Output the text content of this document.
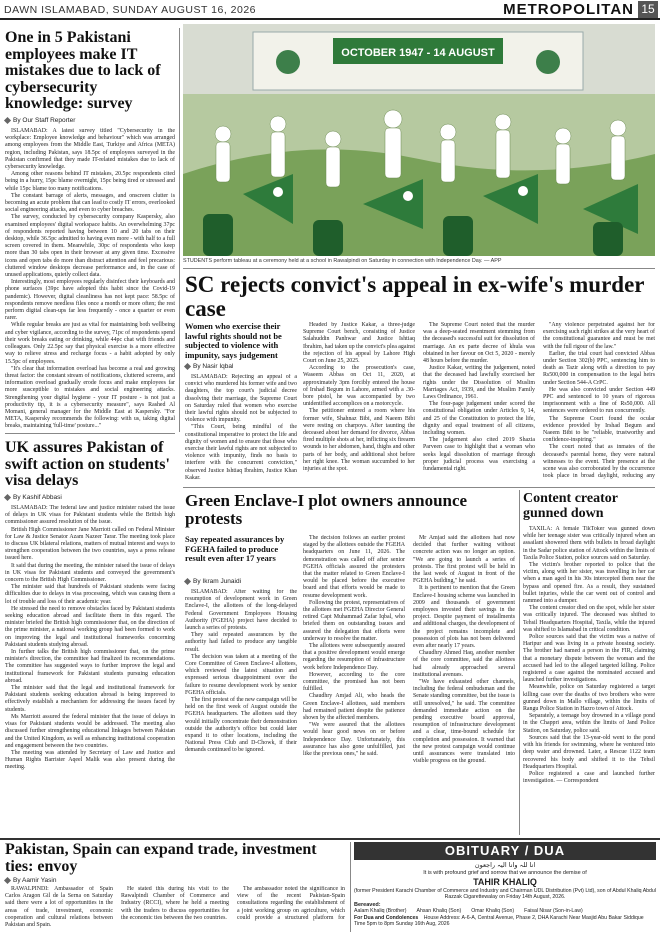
DAWN ISLAMABAD, SUNDAY AUGUST 16, 2026	METROPOLITAN 15
One in 5 Pakistani employees make IT mistakes due to lack of cybersecurity knowledge: survey
By Our Staff Reporter

ISLAMABAD: A latest survey titled "Cybersecurity in the workplace: Employee knowledge and behaviour" which was arranged among employees from the Middle East, Turkiye and Africa (META) region, including Pakistan, says 18.5pc of employees surveyed in the Pakistan confirmed that they made IT-related mistakes due to lack of cybersecurity knowledge.

Among other reasons behind IT mistakes, 20.5pc respondents cited being in a hurry, 15pc blame overnight, 15pc being tired or stressed and while 15pc blame too many notifications.

The constant barrage of alerts, messages, and onscreen clutter is becoming an acute problem that can lead to costly IT errors, overlooked social engineering attacks, and even to cyber breaches.

The survey, conducted by cybersecurity company Kaspersky, also examined employees' digital workspace habits. An overwhelming 37pc of respondents reported having between 10 and 20 tabs on their desktop, while 36.5pc admitted to having even more - with half to a full screen covered in them. Meanwhile, 30pc of respondents who keep more than 30 tabs open in their browser at any given time. Excessive icons and open tabs do more than distract attention and feel precarious: cluttered window desktops decrease performance and, in the case of unused applications, quietly collect data.

Interestingly, most employees regularly disinfect their keyboards and phone surfaces (39pc have adopted this habit since the Covid-19 pandemic). However, digital cleanliness has not kept pace: 58.5pc of respondents remove needless files once a month or more often; the rest perform digital clean-ups far less frequently - once a quarter or even rarer.

While regular breaks are just as vital for maintaining both wellbeing and cyber vigilance, according to the survey, 71pc of respondents spend their work breaks eating or drinking, while 44pc chat with friends and colleagues. Only 22.5pc say that physical exercise is a more effective way to relieve stress and recharge focus - a habit adopted by only 15.5pc of employees.

"It's clear that information overload has become a real and growing threat factor: the constant stream of notifications, cluttered screens, and information overload gradually erode focus and make employees far more susceptible to mistakes and social engineering attacks. Strengthening your digital hygiene - your IT posture - is not just a productivity tip, it is a cybersecurity measure", says Rashed Al Momani, general manager for the Middle East at Kaspersky. "For META, Kaspersky recommends the following: with us, taking digital breaks, maintaining 'full-time' posture..."

UK assures Pakistan of swift action on students' visa delays
By Kashif Abbasi

ISLAMABAD: The federal law and justice minister raised the issue of delays in UK visas for Pakistani students while the British high commissioner assured resolution of the issue.

British High Commissioner Jane Marriott called on Federal Minister for Law & Justice Senator Azam Nazeer Tarar. The meeting took place to discuss UK bilateral relations, matters of mutual interest and ways to strengthen cooperation between the two countries, says a press release issued here.

It said that during the meeting, the minister raised the issue of delays in UK visas for Pakistani students and conveyed the government's concern to the British High Commissioner.

The minister said that hundreds of Pakistani students were facing difficulties due to delays in visa processing, which was causing them a lot of trouble and loss of their academic year.

He stressed the need to remove obstacles faced by Pakistani students seeking education abroad and facilitate them in this regard. The minister briefed the British high commissioner that, on the direction of the prime minister, a national working group had been formed to work on improving the legal and institutional frameworks concerning Pakistani students studying abroad.

In further talks the British high commissioner that, on the prime minister's direction, the committee had finalized its recommendations. The committee has suggested ways to further improve the legal and institutional framework for Pakistani students pursuing education abroad.

The minister said that the legal and institutional framework for Pakistani students seeking education abroad is being improved to effectively establish a mechanism for addressing the issues faced by students.

Ms Marriott assured the federal minister that the issue of delays in visas for Pakistani students would be addressed. The meeting also discussed further strengthening educational linkages between Pakistan and the United Kingdom, as well as enhancing institutional cooperation and engagement between the two countries.

The meeting was attended by Secretary of Law and Justice and Human Rights Barrister Aqeel Malik was also present during the meeting.

OCTOBER 1947 - 14 AUGUST
STUDENTS perform tableau at a ceremony held at a school in Rawalpindi on Saturday in connection with Independence Day. — APP
SC rejects convict's appeal in ex-wife's murder case
Women who exercise their lawful rights should not be subjected to violence with impunity, says judgement
By Nasir Iqbal

ISLAMABAD: Rejecting an appeal of a convict who murdered his former wife and two daughters, the top court's judicial decree dissolving their marriage, the Supreme Court on Saturday ruled that women who exercise their lawful rights should not be subjected to violence with impunity.

"This Court, being mindful of the constitutional imperative to protect the life and dignity of women and to ensure that those who exercise their lawful rights are not subjected to violence with impunity, finds no basis to interfere with the concurrent conviction," observed Justice Ishtiaq Ibrahim, Justice Khan Kakar.

Headed by Justice Kakar, a three-judge Supreme Court bench, consisting of Justice Salahuddin Panhwar and Justice Ishtiaq Ibrahim, had taken up the convict's plea against the rejection of his appeal by Lahore High Court on June 25, 2025.

According to the prosecution's case, Waseem Abbas on Oct 11, 2020, at approximately 3pm forcibly entered the house of Irshad Begum in Lahore, armed with a .30-bore pistol, he was accompanied by two unidentified accomplices on a motorcycle.

The petitioner entered a room where his former wife, Shahnaz Bibi, and Naeem Bibi were resting on charpoys. After taunting the deceased about her demand for divorce, Abbas fired multiple shots at her, inflicting six firearm wounds to her abdomen, hand, thighs and other parts of her body, and additional shot before her right knee. The woman succumbed to her injuries at the spot.

The Supreme Court noted that the murder was a deep-seated resentment stemming from the deceased's successful suit for dissolution of marriage. An ex parte decree of khula was obtained in her favour on Oct 5, 2020 - merely 48 hours before the murder.

Justice Kakar, writing the judgement, noted that the deceased had lawfully exercised her rights under the Dissolution of Muslim Marriages Act, 1939, and the Muslim Family Laws Ordinance, 1961.

The four-page judgement under scored the constitutional obligation under Articles 9, 14, and 25 of the Constitution to protect the life, dignity and equal treatment of all citizens, including women.

The judgement also cited 2019 Shazia Parveen case to highlight that a woman who seeks legal dissolution of marriage through proper judicial process was exercising a fundamental right.

"Any violence perpetrated against her for exercising such right strikes at the very heart of the constitutional guarantee and must be met with the full rigour of the law."

Earlier, the trial court had convicted Abbas under Section 302(b) PPC, sentencing him to death as Tazir along with a direction to pay Rs500,000 in compensation to the legal heirs under Section 544-A CrPC.

He was also convicted under Section 449 PPC and sentenced to 10 years of rigorous imprisonment with a fine of Rs50,000. All sentences were ordered to run concurrently.

The Supreme Court found the ocular evidence provided by Irshad Begum and Naeem Bibi to be "reliable, trustworthy and confidence-inspiring."

The court noted that as inmates of the deceased's parental home, they were natural witnesses to the event. Their presence at the scene was also corroborated by the occurrence took place in broad daylight, reducing any

Green Enclave-I plot owners announce protests
Say repeated assurances by FGEHA failed to produce result even after 17 years
By Ikram Junaidi

ISLAMABAD: After waiting for the resumption of development work in Green Enclave-I, the allottees of the long-delayed Federal Government Employees Housing Authority (FGEHA) project have decided to launch a series of protests.

They said repeated assurances by the authority had failed to produce any tangible result.

The decision was taken at a meeting of the Core Committee of Green Enclave-I allottees, which reviewed the latest situation and expressed serious disappointment over the failure to resume development work by senior FGEHA officials.

The first protest of the new campaign will be held on the first week of August outside the FGEHA headquarters. The allottees said they would initially concentrate their demonstration outside the authority's office but could later expand it to other locations, including the National Press Club and D-Chowk, if their demands continued to be ignored.

The decision follows an earlier protest staged by the allottees outside the FGEHA headquarters on June 11, 2026. The demonstration was called off after senior FGEHA officials assured the protesters that the matter related to Green Enclave-I would be placed before the executive board and that efforts would be made to resume development work.

Following the protest, representatives of the allottees met FGEHA Director General retired Capt Muhammad Zafar Iqbal, who briefed them on outstanding issues and assured the delegation that efforts were underway to resolve the matter.

The allottees were subsequently assured that a positive development would emerge regarding the resumption of infrastructure work before Independence Day.

However, according to the core committee, the promised has not been fulfilled.

Chaudhry Amjad Ali, who heads the Green Enclave-I allottees, said members had remained patient despite the patience shown by the affected members.

"We were assured that the allottees would hear good news on or before Independence Day. Unfortunately, this assurance has also gone unfulfilled, just like the previous ones," he said.

Mr Amjad said the allottees had now decided that further waiting without concrete action was no longer an option. "We are going to launch a series of protests. The first protest will be held in the last week of August in front of the FGEHA building," he said.

It is pertinent to mention that the Green Enclave-I housing scheme was launched in 2009 and thousands of government employees invested their savings in the project. Despite payment of installments and additional charges, the development of the project remains incomplete and possession of plots has not been delivered even after nearly 17 years.

Chaudhry Ahmed Haq, another member of the core committee, said the allottees had already approached several institutional avenues.

"We have exhausted other channels, including the federal ombudsman and the Senate standing committee, but the issue is still unresolved," he said. The committee demanded immediate action on the pending executive board approval, resumption of infrastructure development and a clear, time-bound schedule for completion and possession. It warned that the new protest campaign would continue until assurances were translated into visible progress on the ground.

Content creator gunned down

TAXILA: A female TikToker was gunned down while her teenage sister was critically injured when an assailant showered them with bullets in broad daylight in the Sadar police station of Attock within the limits of Taxila Police Station, police sources said on Saturday.

The victim's brother reported to police that the victim, along with her sister, was travelling in her car when a man aged in his 30s intercepted them near the bypass and opened fire. As a result, they sustained bullet injuries, while the car went out of control and rammed into a dumper.

The content creator died on the spot, while her sister was critically injured. The deceased was shifted to Tehsil Headquarters Hospital, Taxila, while the injured was shifted to Islamabad in critical condition.

Police sources said that the victim was a native of Haripur and was living in a private housing society. The brother had named a person in the FIR, claiming that a monetary dispute between the woman and the accused had led to the alleged targeted killing. Police registered a case against the nominated accused and launched further investigations.

Meanwhile, police on Saturday registered a target killing case over the deaths of two brothers who were gunned down in Mallo village, within the limits of Rangu Police Station in Hazro town of Attock.

Separately, a teenage boy drowned in a village pond in the Chappri area, within the limits of Jand Police Station, on Saturday, police said.

Sources said that the 13-year-old went to the pond with his friends for swimming, where he ventured into deep water and drowned. Later, a Rescue 1122 team recovered his body and shifted it to the Tehsil Headquarters Hospital.

Police registered a case and launched further investigation. — Correspondent

Pakistan, Spain can expand trade, investment ties: envoy
By Aamir Yasin

RAWALPINDI: Ambassador of Spain Carlos Aragon Gil de la Serna on Saturday said there were a lot of opportunities in the areas of trade, investment, economic cooperation and cultural relations between Pakistan and Spain.

He stated this during his visit to the Rawalpindi Chamber of Commerce and Industry (RCCI), where he held a meeting with the traders to discuss opportunities for the economic ties between the two countries.

The ambassador noted the significance in view of the recent Pakistan-Spain consultations regarding the establishment of a joint working group on agriculture, which could provide a structured platform for

OBITUARY / DUA
انا للہ وانا الیہ راجعون
It is with profound grief and sorrow that we announce the demise of
TAHIR KHALIQ
(former President Karachi Chamber of Commerce and Industry and Chairman UDL Distribution (Pvt) Ltd), son of Abdul Khaliq Abdul Razzak Cigarettewalay on Friday 14th August, 2026.
Bereaved:
Aalam Khaliq (Brother) Ahsan Khaliq (Son) Omar Khaliq (Son) Faisal Nisar (Son-in-Law)
For Dua and Condolences House Address: A-6-A, Central Avenue, Phase 2, DHA Karachi Near Masjid Abu Bakar Siddique Time 5pm to 8pm Sunday 16th Aug, 2026
